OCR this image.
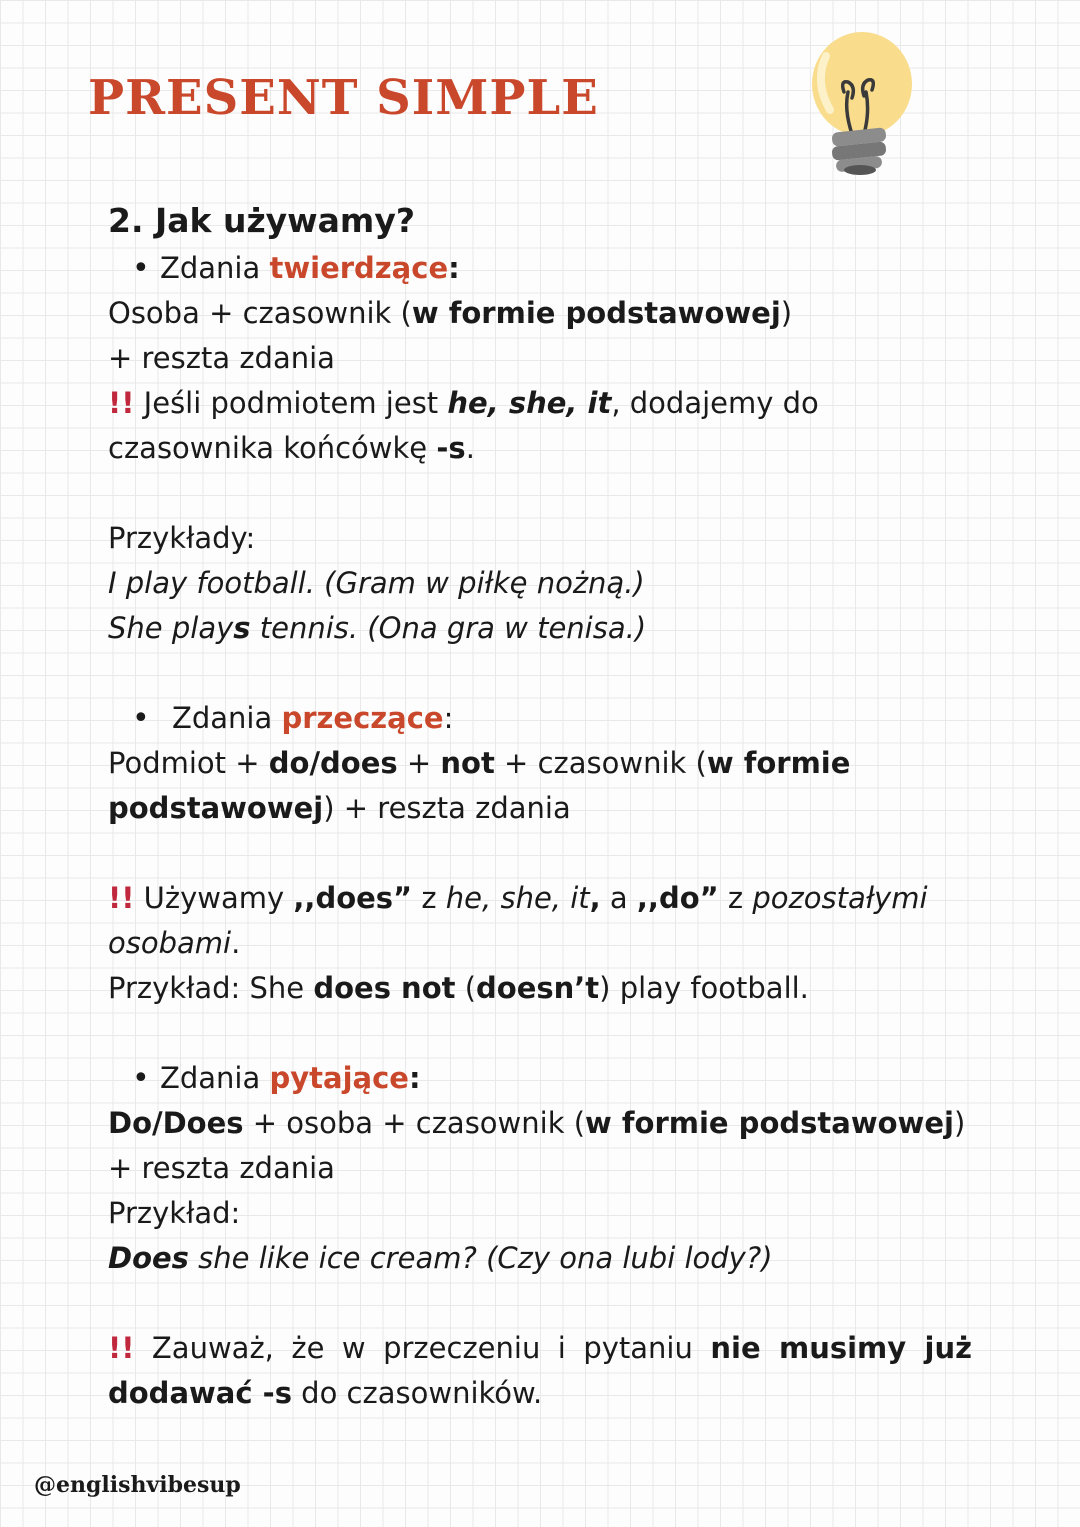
PRESENT SIMPLE

2. Jak używamy?

• Zdania twierdzące:

Osoba + czasownik (w formie podstawowej)

+ reszta zdania

!! Jeśli podmiotem jest he, she, it, dodajemy do

czasownika końcówkę -s.

Przykłady:

I play football. (Gram w piłkę nożną.)

She plays tennis. (Ona gra w tenisa.)

• Zdania przeczące:

Podmiot + do/does + not + czasownik (w formie

podstawowej) + reszta zdania

!! Używamy ,,does” z he, she, it, a ,,do” z pozostałymi

osobami.

Przykład: She does not (doesn’t) play football.

• Zdania pytające:

Do/Does + osoba + czasownik (w formie podstawowej)

+ reszta zdania

Przykład:

Does she like ice cream? (Czy ona lubi lody?)

!! Zauważ, że w przeczeniu i pytaniu nie musimy już

dodawać -s do czasowników.

@englishvibesup
